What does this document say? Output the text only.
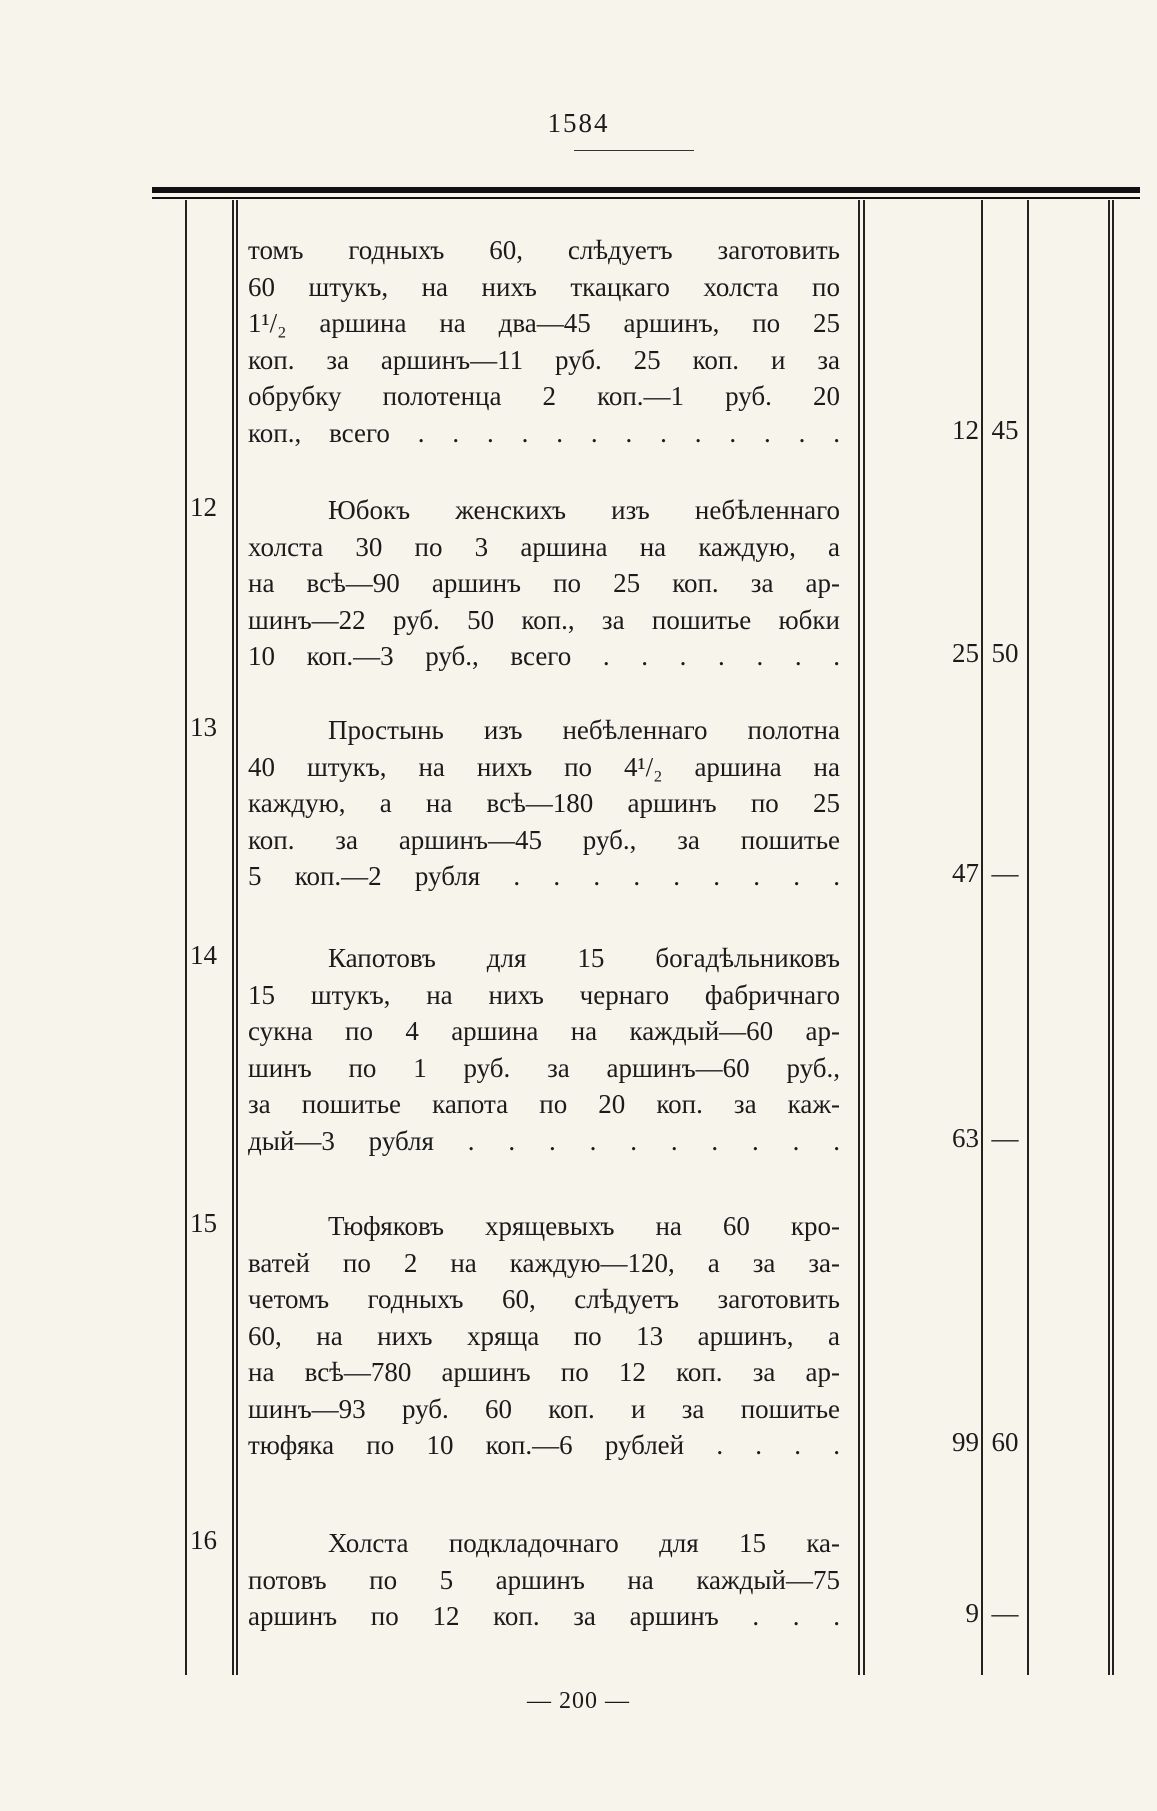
1584
томъ годныхъ 60, слѣдуетъ заготовить
60 штукъ, на нихъ ткацкаго холста по
1¹/₂ аршина на два—45 аршинъ, по 25
коп. за аршинъ—11 руб. 25 коп. и за
обрубку полотенца 2 коп.—1 руб. 20
коп., всего . . . . . . . . . . . . .	12 45
12	Юбокъ женскихъ изъ небѣленнаго
холста 30 по 3 аршина на каждую, а
на всѣ—90 аршинъ по 25 коп. за ар-
шинъ—22 руб. 50 коп., за пошитье юбки
10 коп.—3 руб., всего . . . . . . .	25 50
13	Простынь изъ небѣленнаго полотна
40 штукъ, на нихъ по 4¹/₂ аршина на
каждую, а на всѣ—180 аршинъ по 25
коп. за аршинъ—45 руб., за пошитье
5 коп.—2 рубля . . . . . . . . .	47 —
14	Капотовъ для 15 богадѣльниковъ
15 штукъ, на нихъ чернаго фабричнаго
сукна по 4 аршина на каждый—60 ар-
шинъ по 1 руб. за аршинъ—60 руб.,
за пошитье капота по 20 коп. за каж-
дый—3 рубля . . . . . . . . . .	63 —
15	Тюфяковъ хрящевыхъ на 60 кро-
ватей по 2 на каждую—120, а за за-
четомъ годныхъ 60, слѣдуетъ заготовить
60, на нихъ хряща по 13 аршинъ, а
на всѣ—780 аршинъ по 12 коп. за ар-
шинъ—93 руб. 60 коп. и за пошитье
тюфяка по 10 коп.—6 рублей . . . .	99 60
16	Холста подкладочнаго для 15 ка-
потовъ по 5 аршинъ на каждый—75
аршинъ по 12 коп. за аршинъ . . .	9 —
— 200 —
